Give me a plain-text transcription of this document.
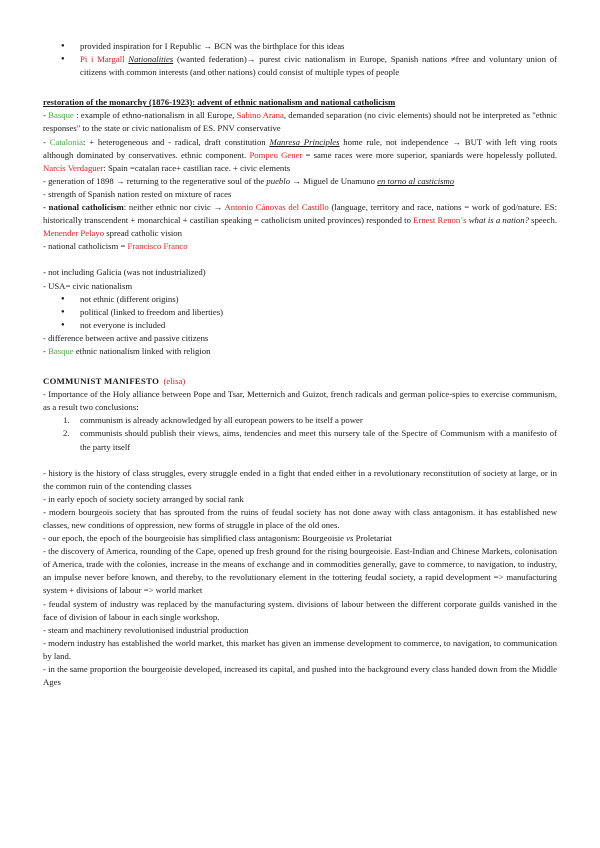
● provided inspiration for I Republic → BCN was the birthplace for this ideas
● Pi i Margall Nationalities (wanted federation)→ purest civic nationalism in Europe, Spanish nations ≠free and voluntary union of citizens with common interests (and other nations) could consist of multiple types of people

restoration of the monarchy (1876-1923): advent of ethnic nationalism and national catholicism

- Basque : example of ethno-nationalism in all Europe, Sabino Arana, demanded separation (no civic elements) should not be interpreted as "ethnic responses" to the state or civic nationalism of ES. PNV conservative

- Catalonia: + heterogeneous and - radical, draft constitution Manresa Principles home rule, not independence → BUT with left ving roots although dominated by conservatives. ethnic component. Pompeu Gener = same races were more superior, spaniards were hopelessly polluted. Narcís Verdaguer: Spain =catalan race+ castilian race. + civic elements

- generation of 1898 → returning to the regenerative soul of the pueblo → Miguel de Unamuno en torno al casticismo

- strength of Spanish nation rested on mixture of races

- national catholicism: neither ethnic nor civic → Antonio Cánovas del Castillo (language, territory and race, nations = work of god/nature. ES: historically transcendent + monarchical + castilian speaking = catholicism united provinces) responded to Ernest Renon´s what is a nation? speech. Menender Pelayo spread catholic vision

- national catholicism = Francisco Franco

- not including Galicia (was not industrialized)

- USA= civic nationalism

● not ethnic (different origins)
● political (linked to freedom and liberties)
● not everyone is included

- difference between active and passive citizens

- Basque ethnic nationalism linked with religion

COMMUNIST MANIFESTO (elisa)

- Importance of the Holy alliance between Pope and Tsar, Metternich and Guizot, french radicals and german police-spies to exercise communism, as a result two conclusions:

1. communism is already acknowledged by all european powers to be itself a power
2. communists should publish their views, aims, tendencies and meet this nursery tale of the Spectre of Communism with a manifesto of the party itself

- history is the history of class struggles, every struggle ended in a fight that ended either in a revolutionary reconstitution of society at large, or in the common ruin of the contending classes

- in early epoch of society society arranged by social rank

- modern bourgeois society that has sprouted from the ruins of feudal society has not done away with class antagonism. it has established new classes, new conditions of oppression, new forms of struggle in place of the old ones.

- our epoch, the epoch of the bourgeoisie has simplified class antagonism: Bourgeoisie vs Proletariat

- the discovery of America, rounding of the Cape, opened up fresh ground for the rising bourgeoisie. East-Indian and Chinese Markets, colonisation of America, trade with the colonies, increase in the means of exchange and in commodities generally, gave to commerce, to navigation, to industry, an impulse never before known, and thereby, to the revolutionary element in the tottering feudal society, a rapid development => manufacturing system + divisions of labour => world market

- feudal system of industry was replaced by the manufacturing system. divisions of labour between the different corporate guilds vanished in the face of division of labour in each single workshop.

- steam and machinery revolutionised industrial production

- modern industry has established the world market, this market has given an immense development to commerce, to navigation, to communication by land.

- in the same proportion the bourgeoisie developed, increased its capital, and pushed into the background every class handed down from the Middle Ages
